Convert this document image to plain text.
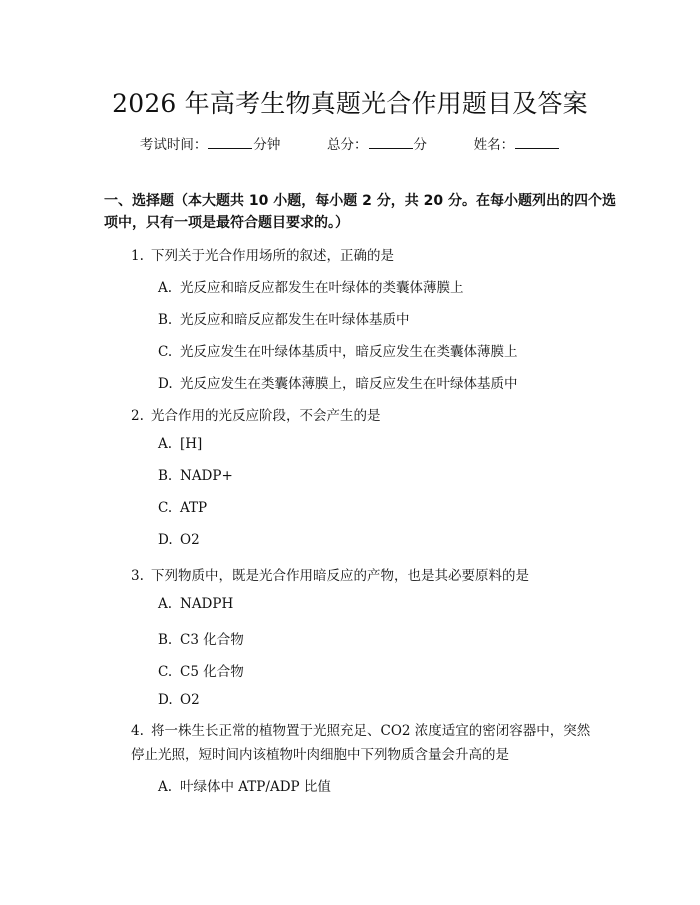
2026 年高考生物真题光合作用题目及答案
考试时间：	分钟	总分：	分	姓名：
一、选择题（本大题共 10 小题，每小题 2 分，共 20 分。在每小题列出的四个选项中，只有一项是最符合题目要求的。）
1. 下列关于光合作用场所的叙述，正确的是
A. 光反应和暗反应都发生在叶绿体的类囊体薄膜上
B. 光反应和暗反应都发生在叶绿体基质中
C. 光反应发生在叶绿体基质中，暗反应发生在类囊体薄膜上
D. 光反应发生在类囊体薄膜上，暗反应发生在叶绿体基质中
2. 光合作用的光反应阶段，不会产生的是
A. [H]
B. NADP+
C. ATP
D. O2
3. 下列物质中，既是光合作用暗反应的产物，也是其必要原料的是
A. NADPH
B. C3 化合物
C. C5 化合物
D. O2
4. 将一株生长正常的植物置于光照充足、CO2 浓度适宜的密闭容器中，突然停止光照，短时间内该植物叶肉细胞中下列物质含量会升高的是
A. 叶绿体中 ATP/ADP 比值
